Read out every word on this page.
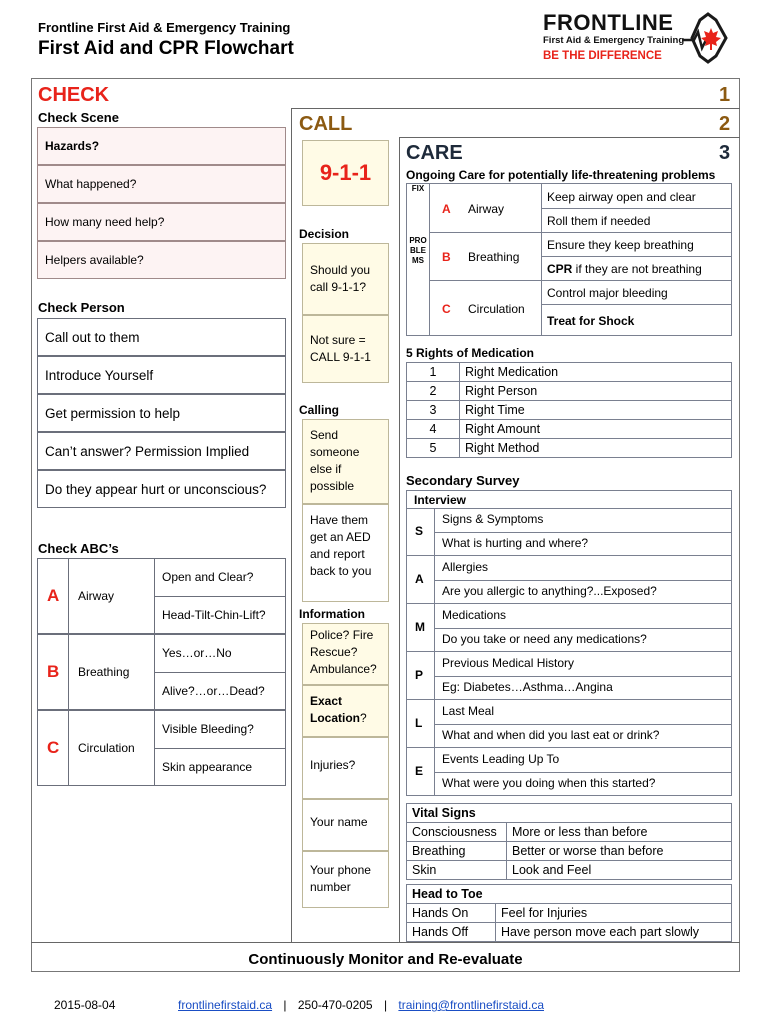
Frontline First Aid & Emergency Training
First Aid and CPR Flowchart
FRONTLINE
First Aid & Emergency Training
BE THE DIFFERENCE
CHECK	1
CALL	2
CARE	3
Check Scene
Hazards?
What happened?
How many need help?
Helpers available?
Check Person
Call out to them
Introduce Yourself
Get permission to help
Can’t answer? Permission Implied
Do they appear hurt or unconscious?
Check ABC’s
A Airway
Open and Clear?
Head-Tilt-Chin-Lift?
B Breathing
Yes…or…No
Alive?…or…Dead?
C Circulation
Visible Bleeding?
Skin appearance
9-1-1
Decision
Should you call 9-1-1?
Not sure = CALL 9-1-1
Calling
Send someone else if possible
Have them get an AED and report back to you
Information
Police? Fire Rescue? Ambulance?
Exact Location?
Injuries?
Your name
Your phone number
Ongoing Care for potentially life-threatening problems
FIX
PROBLEMS
A Airway
Keep airway open and clear
Roll them if needed
B Breathing
Ensure they keep breathing
CPR if they are not breathing
C Circulation
Control major bleeding
Treat for Shock
5 Rights of Medication
1	Right Medication
2	Right Person
3	Right Time
4	Right Amount
5	Right Method
Secondary Survey
Interview
S
Signs & Symptoms
What is hurting and where?
A
Allergies
Are you allergic to anything?...Exposed?
M
Medications
Do you take or need any medications?
P
Previous Medical History
Eg: Diabetes…Asthma…Angina
L
Last Meal
What and when did you last eat or drink?
E
Events Leading Up To
What were you doing when this started?
Vital Signs	
Consciousness	More or less than before
Breathing	Better or worse than before
Skin	Look and Feel
Head to Toe	
Hands On	Feel for Injuries
Hands Off	Have person move each part slowly
Continuously Monitor and Re-evaluate
2015-08-04	frontlinefirstaid.ca | 250-470-0205 | training@frontlinefirstaid.ca
